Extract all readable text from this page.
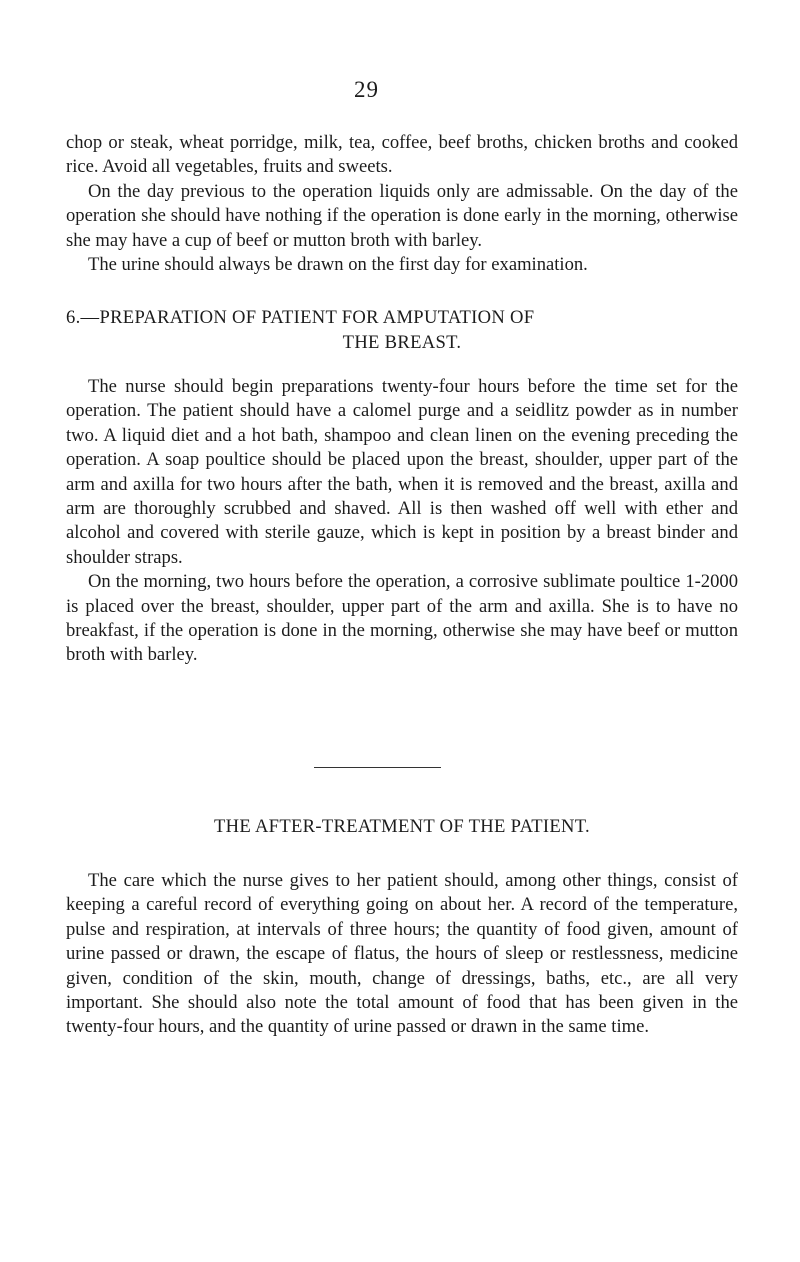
29

chop or steak, wheat porridge, milk, tea, coffee, beef broths, chicken broths and cooked rice. Avoid all vegetables, fruits and sweets.

On the day previous to the operation liquids only are admissable. On the day of the operation she should have nothing if the operation is done early in the morning, otherwise she may have a cup of beef or mutton broth with barley.

The urine should always be drawn on the first day for examination.

6.—PREPARATION OF PATIENT FOR AMPUTATION OF
THE BREAST.

The nurse should begin preparations twenty-four hours before the time set for the operation. The patient should have a calomel purge and a seidlitz powder as in number two. A liquid diet and a hot bath, shampoo and clean linen on the evening preceding the operation. A soap poultice should be placed upon the breast, shoulder, upper part of the arm and axilla for two hours after the bath, when it is removed and the breast, axilla and arm are thoroughly scrubbed and shaved. All is then washed off well with ether and alcohol and covered with sterile gauze, which is kept in position by a breast binder and shoulder straps.

On the morning, two hours before the operation, a corrosive sublimate poultice 1-2000 is placed over the breast, shoulder, upper part of the arm and axilla. She is to have no breakfast, if the operation is done in the morning, otherwise she may have beef or mutton broth with barley.

THE AFTER-TREATMENT OF THE PATIENT.

The care which the nurse gives to her patient should, among other things, consist of keeping a careful record of everything going on about her. A record of the temperature, pulse and respiration, at intervals of three hours; the quantity of food given, amount of urine passed or drawn, the escape of flatus, the hours of sleep or restlessness, medicine given, condition of the skin, mouth, change of dressings, baths, etc., are all very important. She should also note the total amount of food that has been given in the twenty-four hours, and the quantity of urine passed or drawn in the same time.
